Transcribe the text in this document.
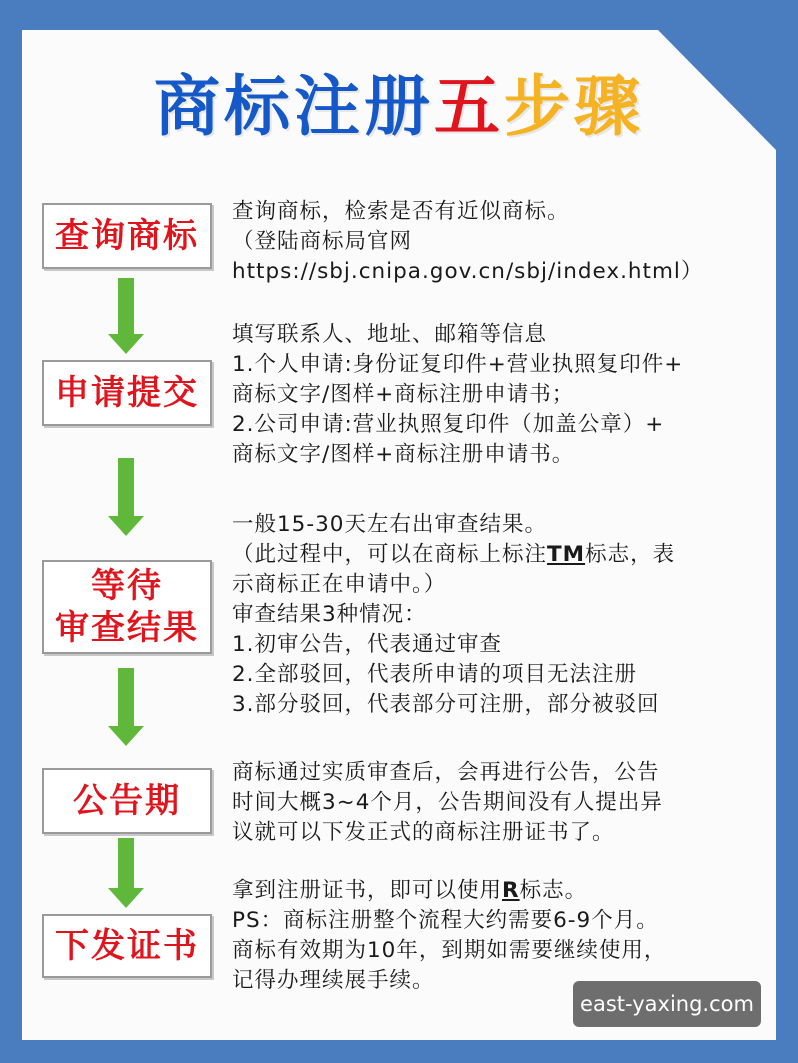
商标注册五步骤
查询商标
查询商标，检索是否有近似商标。
（登陆商标局官网
https://sbj.cnipa.gov.cn/sbj/index.html）
申请提交
填写联系人、地址、邮箱等信息
1.个人申请:身份证复印件+营业执照复印件+
商标文字/图样+商标注册申请书；
2.公司申请:营业执照复印件（加盖公章）+
商标文字/图样+商标注册申请书。
等待
审查结果
一般15-30天左右出审查结果。
（此过程中，可以在商标上标注TM标志，表
示商标正在申请中。）
审查结果3种情况：
1.初审公告，代表通过审查
2.全部驳回，代表所申请的项目无法注册
3.部分驳回，代表部分可注册，部分被驳回
公告期
商标通过实质审查后，会再进行公告，公告
时间大概3~4个月，公告期间没有人提出异
议就可以下发正式的商标注册证书了。
下发证书
拿到注册证书，即可以使用R标志。
PS：商标注册整个流程大约需要6-9个月。
商标有效期为10年，到期如需要继续使用，
记得办理续展手续。
east-yaxing.com
